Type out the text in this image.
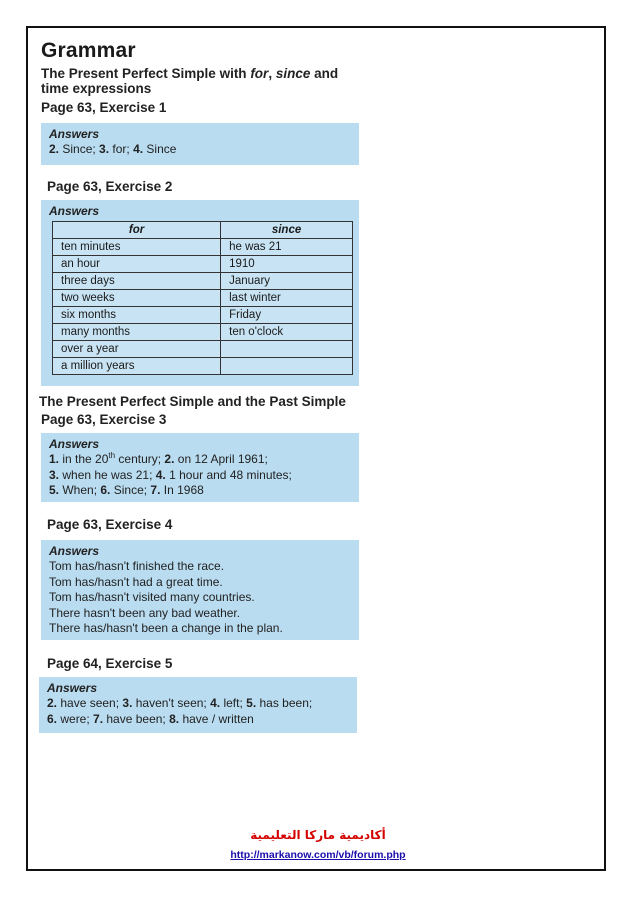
Grammar
The Present Perfect Simple with for, since and
time expressions
Page 63, Exercise 1
Answers
2. Since; 3. for; 4. Since
Page 63, Exercise 2
Answers
for	since
ten minutes	he was 21
an hour	1910
three days	January
two weeks	last winter
six months	Friday
many months	ten o'clock
over a year	
a million years	
The Present Perfect Simple and the Past Simple
Page 63, Exercise 3
Answers
1. in the 20th century; 2. on 12 April 1961;
3. when he was 21; 4. 1 hour and 48 minutes;
5. When; 6. Since; 7. In 1968
Page 63, Exercise 4
Answers
Tom has/hasn't finished the race.
Tom has/hasn't had a great time.
Tom has/hasn't visited many countries.
There hasn't been any bad weather.
There has/hasn't been a change in the plan.
Page 64, Exercise 5
Answers
2. have seen; 3. haven't seen; 4. left; 5. has been;
6. were; 7. have been; 8. have / written
أكاديمية ماركا التعليمية
http://markanow.com/vb/forum.php
